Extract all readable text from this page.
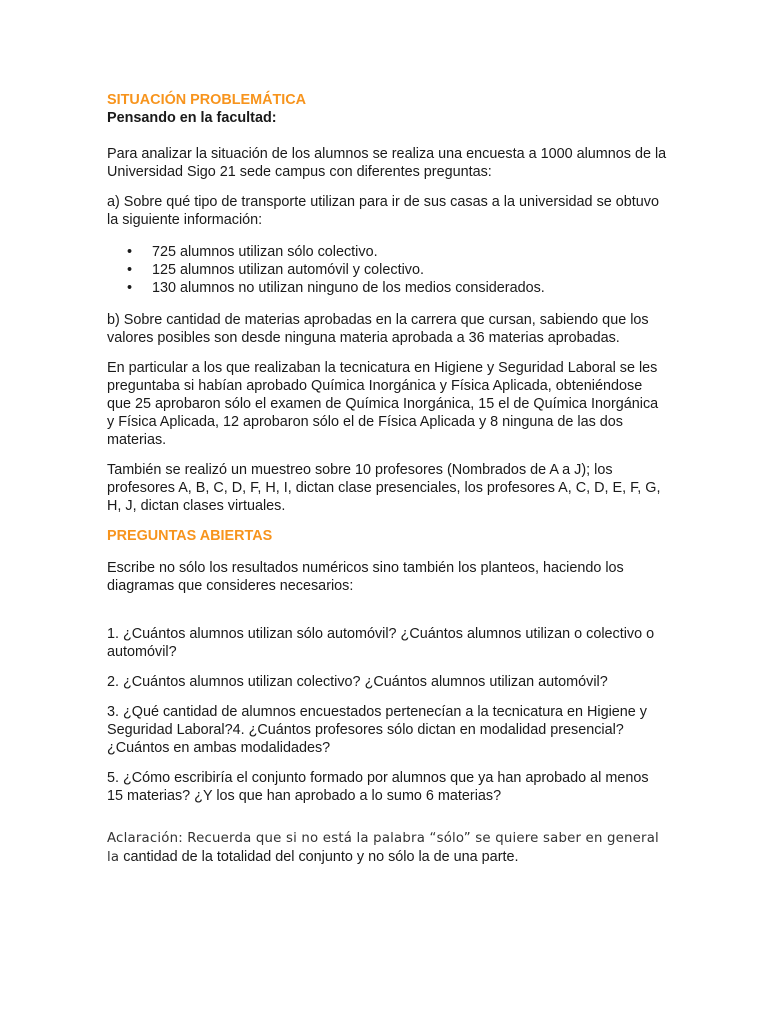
SITUACIÓN PROBLEMÁTICA

Pensando en la facultad:

Para analizar la situación de los alumnos se realiza una encuesta a 1000 alumnos de la Universidad Sigo 21 sede campus con diferentes preguntas:

a) Sobre qué tipo de transporte utilizan para ir de sus casas a la universidad se obtuvo la siguiente información:

• 725 alumnos utilizan sólo colectivo.
• 125 alumnos utilizan automóvil y colectivo.
• 130 alumnos no utilizan ninguno de los medios considerados.

b) Sobre cantidad de materias aprobadas en la carrera que cursan, sabiendo que los valores posibles son desde ninguna materia aprobada a 36 materias aprobadas.

En particular a los que realizaban la tecnicatura en Higiene y Seguridad Laboral se les preguntaba si habían aprobado Química Inorgánica y Física Aplicada, obteniéndose que 25 aprobaron sólo el examen de Química Inorgánica, 15 el de Química Inorgánica y Física Aplicada, 12 aprobaron sólo el de Física Aplicada y 8 ninguna de las dos materias.

También se realizó un muestreo sobre 10 profesores (Nombrados de A a J); los profesores A, B, C, D, F, H, I, dictan clase presenciales, los profesores A, C, D, E, F, G, H, J, dictan clases virtuales.

PREGUNTAS ABIERTAS

Escribe no sólo los resultados numéricos sino también los planteos, haciendo los diagramas que consideres necesarios:

1. ¿Cuántos alumnos utilizan sólo automóvil? ¿Cuántos alumnos utilizan o colectivo o automóvil?

2. ¿Cuántos alumnos utilizan colectivo? ¿Cuántos alumnos utilizan automóvil?

3. ¿Qué cantidad de alumnos encuestados pertenecían a la tecnicatura en Higiene y Seguridad Laboral?4. ¿Cuántos profesores sólo dictan en modalidad presencial? ¿Cuántos en ambas modalidades?

5. ¿Cómo escribiría el conjunto formado por alumnos que ya han aprobado al menos 15 materias? ¿Y los que han aprobado a lo sumo 6 materias?

Aclaración: Recuerda que si no está la palabra “sólo” se quiere saber en general la cantidad de la totalidad del conjunto y no sólo la de una parte.
